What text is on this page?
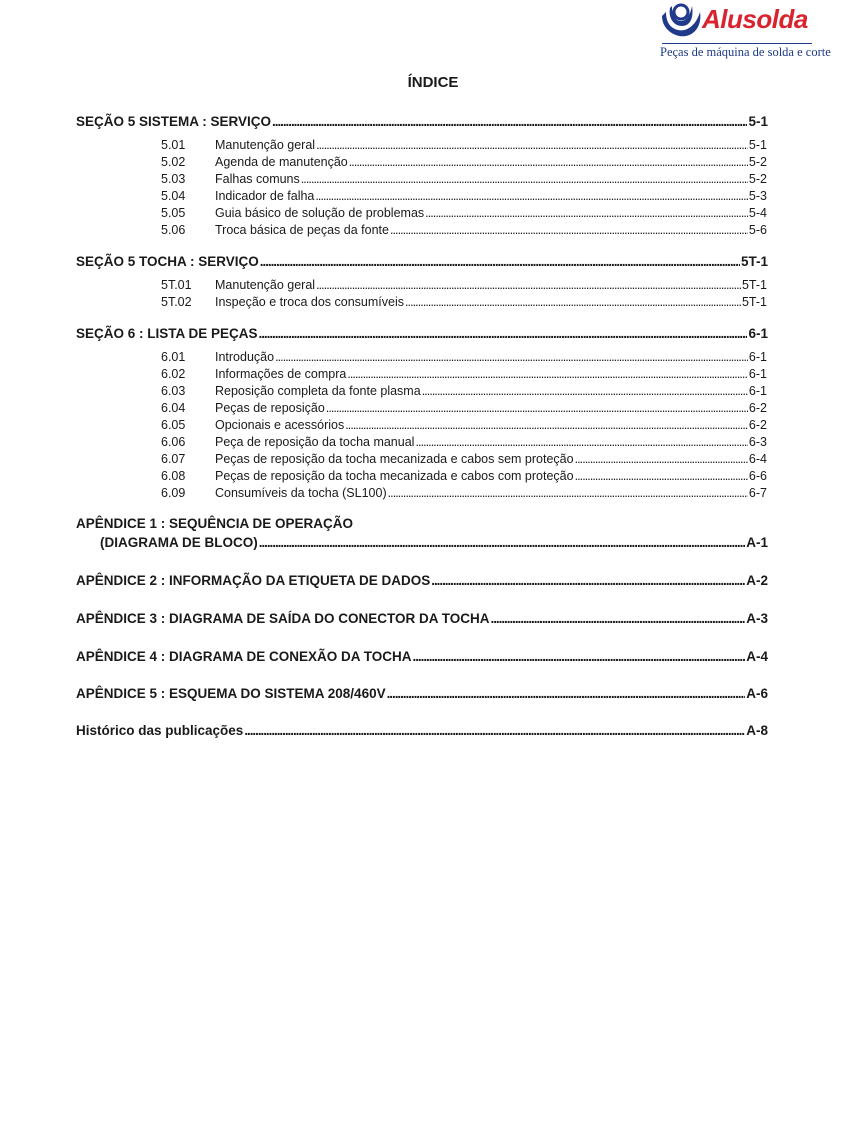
Alusolda
Peças de máquina de solda e corte
ÍNDICE
SEÇÃO 5 SISTEMA : SERVIÇO . . .	5-1
5.01	Manutenção geral . . .	5-1
5.02	Agenda de manutenção . . .	5-2
5.03	Falhas comuns . . .	5-2
5.04	Indicador de falha . . .	5-3
5.05	Guia básico de solução de problemas . . .	5-4
5.06	Troca básica de peças da fonte . . .	5-6
SEÇÃO 5 TOCHA : SERVIÇO . . .	5T-1
5T.01	Manutenção geral . . .	5T-1
5T.02	Inspeção e troca dos consumíveis . . .	5T-1
SEÇÃO 6 : LISTA DE PEÇAS . . .	6-1
6.01	Introdução . . .	6-1
6.02	Informações de compra . . .	6-1
6.03	Reposição completa da fonte plasma . . .	6-1
6.04	Peças de reposição . . .	6-2
6.05	Opcionais e acessórios . . .	6-2
6.06	Peça de reposição da tocha manual . . .	6-3
6.07	Peças de reposição da tocha mecanizada e cabos sem proteção . . .	6-4
6.08	Peças de reposição da tocha mecanizada e cabos com proteção . . .	6-6
6.09	Consumíveis da tocha (SL100) . . .	6-7
APÊNDICE 1 : SEQUÊNCIA DE OPERAÇÃO
(DIAGRAMA DE BLOCO) . . .	A-1
APÊNDICE 2 : INFORMAÇÃO DA ETIQUETA DE DADOS . . .	A-2
APÊNDICE 3 : DIAGRAMA DE SAÍDA DO CONECTOR DA TOCHA . . .	A-3
APÊNDICE 4 : DIAGRAMA DE CONEXÃO DA TOCHA . . .	A-4
APÊNDICE 5 : ESQUEMA DO SISTEMA 208/460V . . .	A-6
Histórico das publicações . . .	A-8
